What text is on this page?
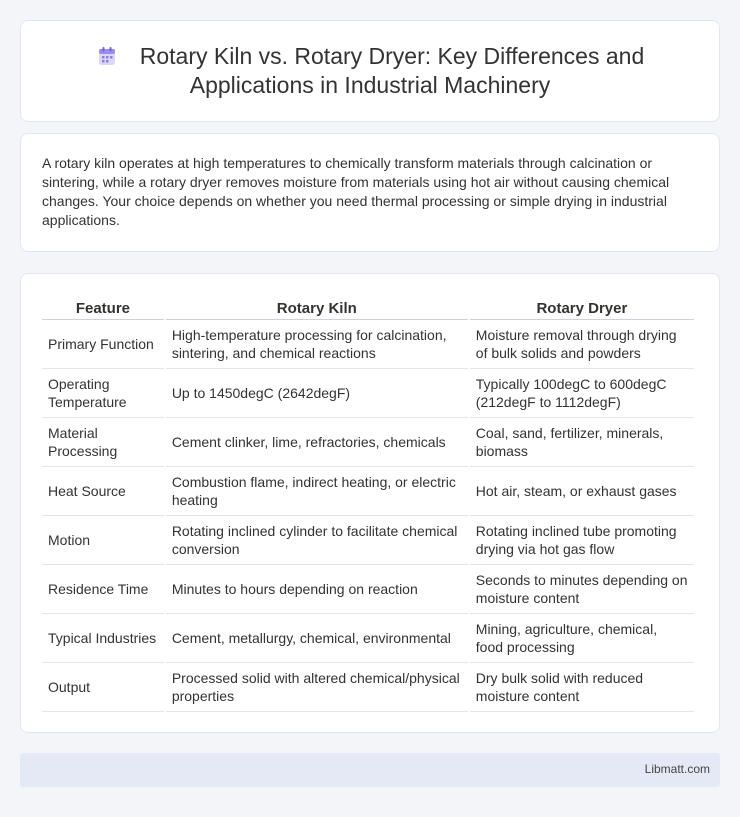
Rotary Kiln vs. Rotary Dryer: Key Differences and Applications in Industrial Machinery

A rotary kiln operates at high temperatures to chemically transform materials through calcination or sintering, while a rotary dryer removes moisture from materials using hot air without causing chemical changes. Your choice depends on whether you need thermal processing or simple drying in industrial applications.

Feature	Rotary Kiln	Rotary Dryer
Primary Function	High-temperature processing for calcination, sintering, and chemical reactions	Moisture removal through drying of bulk solids and powders
Operating Temperature	Up to 1450degC (2642degF)	Typically 100degC to 600degC (212degF to 1112degF)
Material Processing	Cement clinker, lime, refractories, chemicals	Coal, sand, fertilizer, minerals, biomass
Heat Source	Combustion flame, indirect heating, or electric heating	Hot air, steam, or exhaust gases
Motion	Rotating inclined cylinder to facilitate chemical conversion	Rotating inclined tube promoting drying via hot gas flow
Residence Time	Minutes to hours depending on reaction	Seconds to minutes depending on moisture content
Typical Industries	Cement, metallurgy, chemical, environmental	Mining, agriculture, chemical, food processing
Output	Processed solid with altered chemical/physical properties	Dry bulk solid with reduced moisture content
Libmatt.com
